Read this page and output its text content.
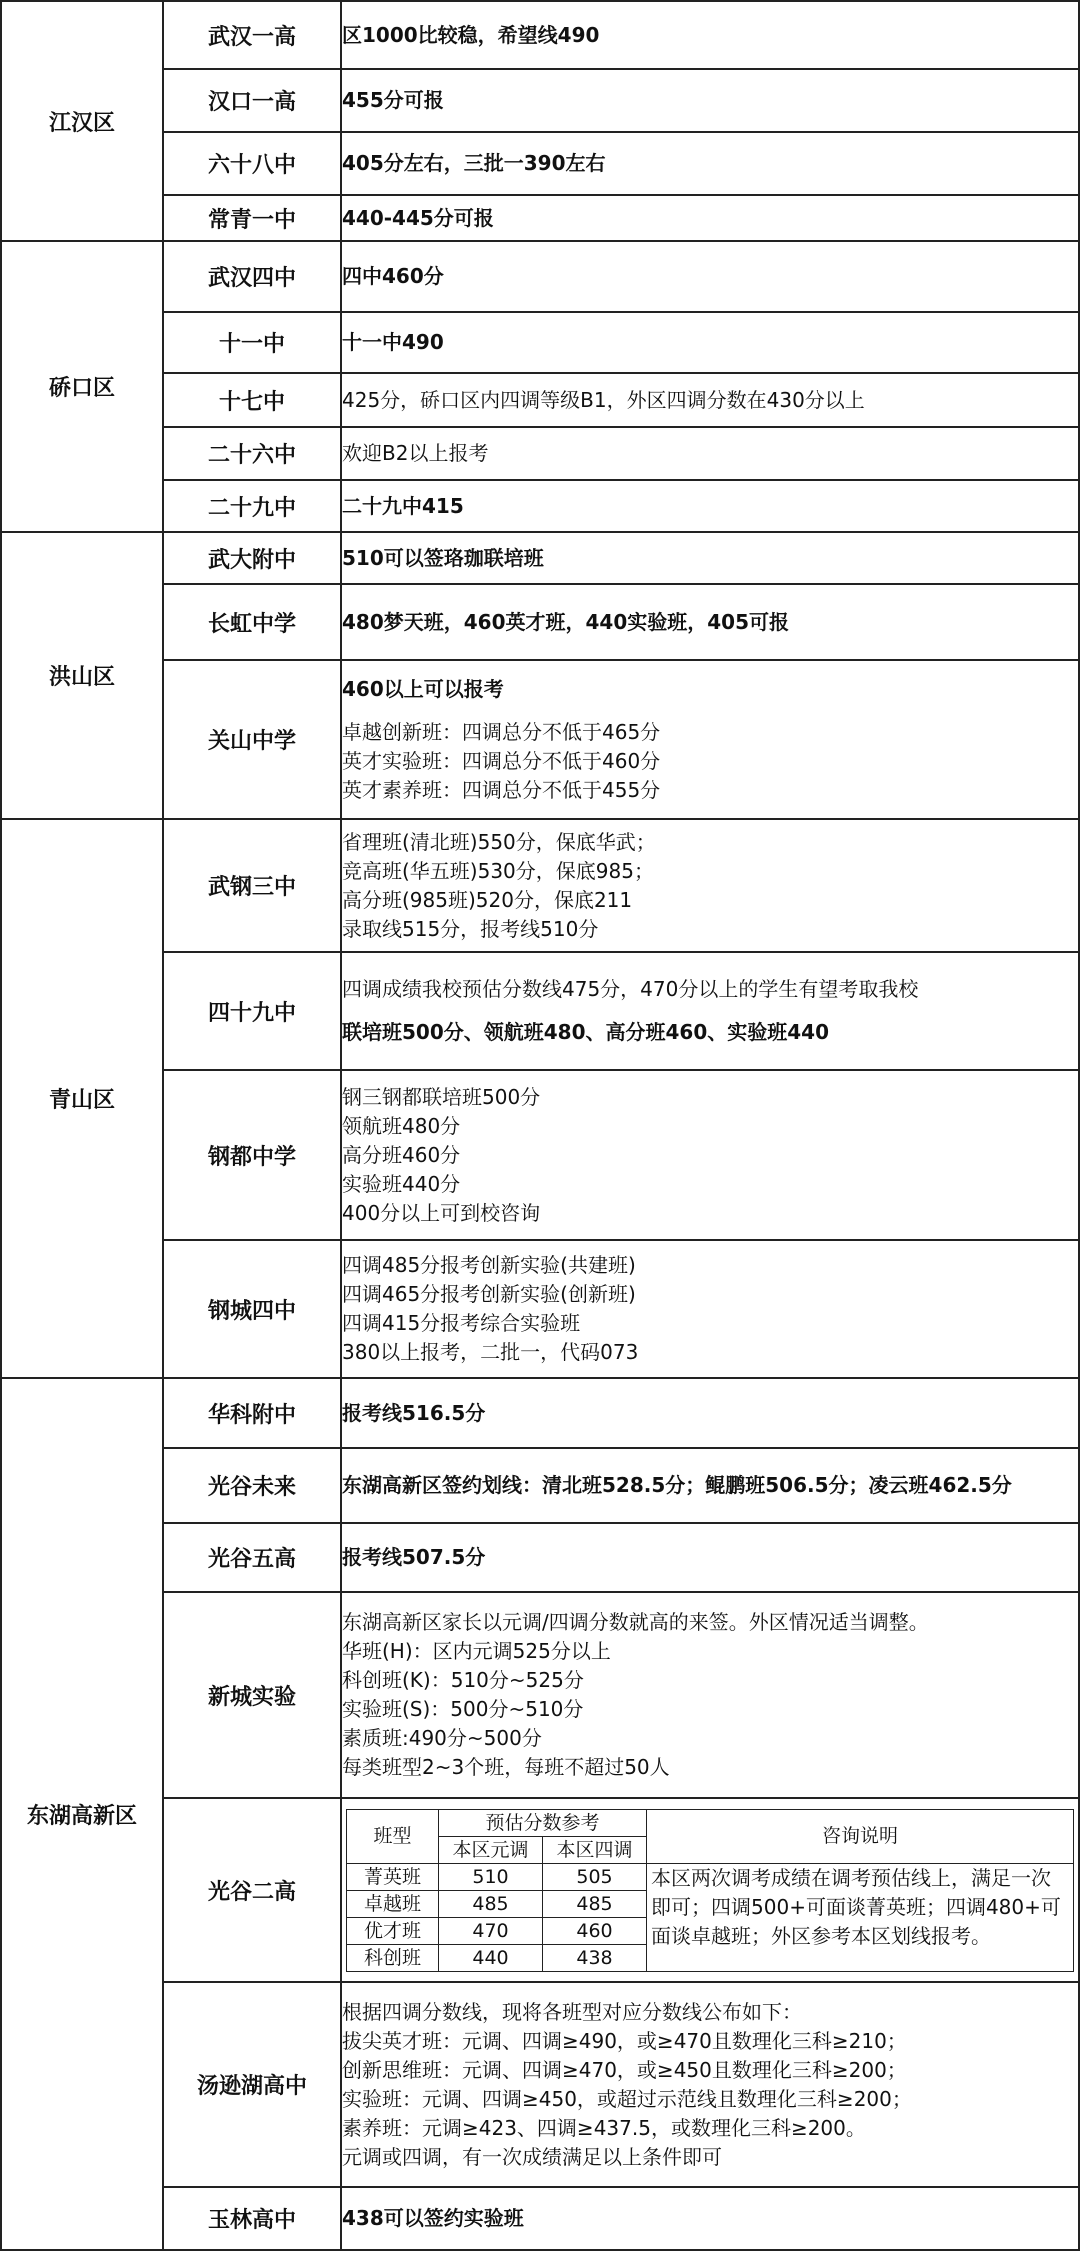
江汉区	武汉一高	区1000比较稳，希望线490

汉口一高	455分可报

六十八中	405分左右，三批一390左右

常青一中	440-445分可报

硚口区	武汉四中	四中460分

十一中	十一中490

十七中	425分，硚口区内四调等级B1，外区四调分数在430分以上

二十六中	欢迎B2以上报考

二十九中	二十九中415

洪山区	武大附中	510可以签珞珈联培班

长虹中学	480梦天班，460英才班，440实验班，405可报

关山中学	
460以上可以报考
卓越创新班：四调总分不低于465分
英才实验班：四调总分不低于460分
英才素养班：四调总分不低于455分

青山区	武钢三中	
省理班(清北班)550分，保底华武；
竞高班(华五班)530分，保底985；
高分班(985班)520分，保底211
录取线515分，报考线510分

四十九中	
四调成绩我校预估分数线475分，470分以上的学生有望考取我校
联培班500分、领航班480、高分班460、实验班440

钢都中学	
钢三钢都联培班500分
领航班480分
高分班460分
实验班440分
400分以上可到校咨询

钢城四中	
四调485分报考创新实验(共建班)
四调465分报考创新实验(创新班)
四调415分报考综合实验班
380以上报考，二批一，代码073

东湖高新区	华科附中	报考线516.5分

光谷未来	东湖高新区签约划线：清北班528.5分；鲲鹏班506.5分；凌云班462.5分

光谷五高	报考线507.5分

新城实验	
东湖高新区家长以元调/四调分数就高的来签。外区情况适当调整。
华班(H)：区内元调525分以上
科创班(K)：510分~525分
实验班(S)：500分~510分
素质班:490分~500分
每类班型2~3个班，每班不超过50人

光谷二高	
班型	预估分数参考	咨询说明
本区元调	本区四调
菁英班	510	505	本区两次调考成绩在调考预估线上，满足一次即可；四调500+可面谈菁英班；四调480+可面谈卓越班；外区参考本区划线报考。
卓越班	485	485
优才班	470	460
科创班	440	438

汤逊湖高中	
根据四调分数线，现将各班型对应分数线公布如下：
拔尖英才班：元调、四调≥490，或≥470且数理化三科≥210；
创新思维班：元调、四调≥470，或≥450且数理化三科≥200；
实验班：元调、四调≥450，或超过示范线且数理化三科≥200；
素养班：元调≥423、四调≥437.5，或数理化三科≥200。
元调或四调，有一次成绩满足以上条件即可

玉林高中	438可以签约实验班
